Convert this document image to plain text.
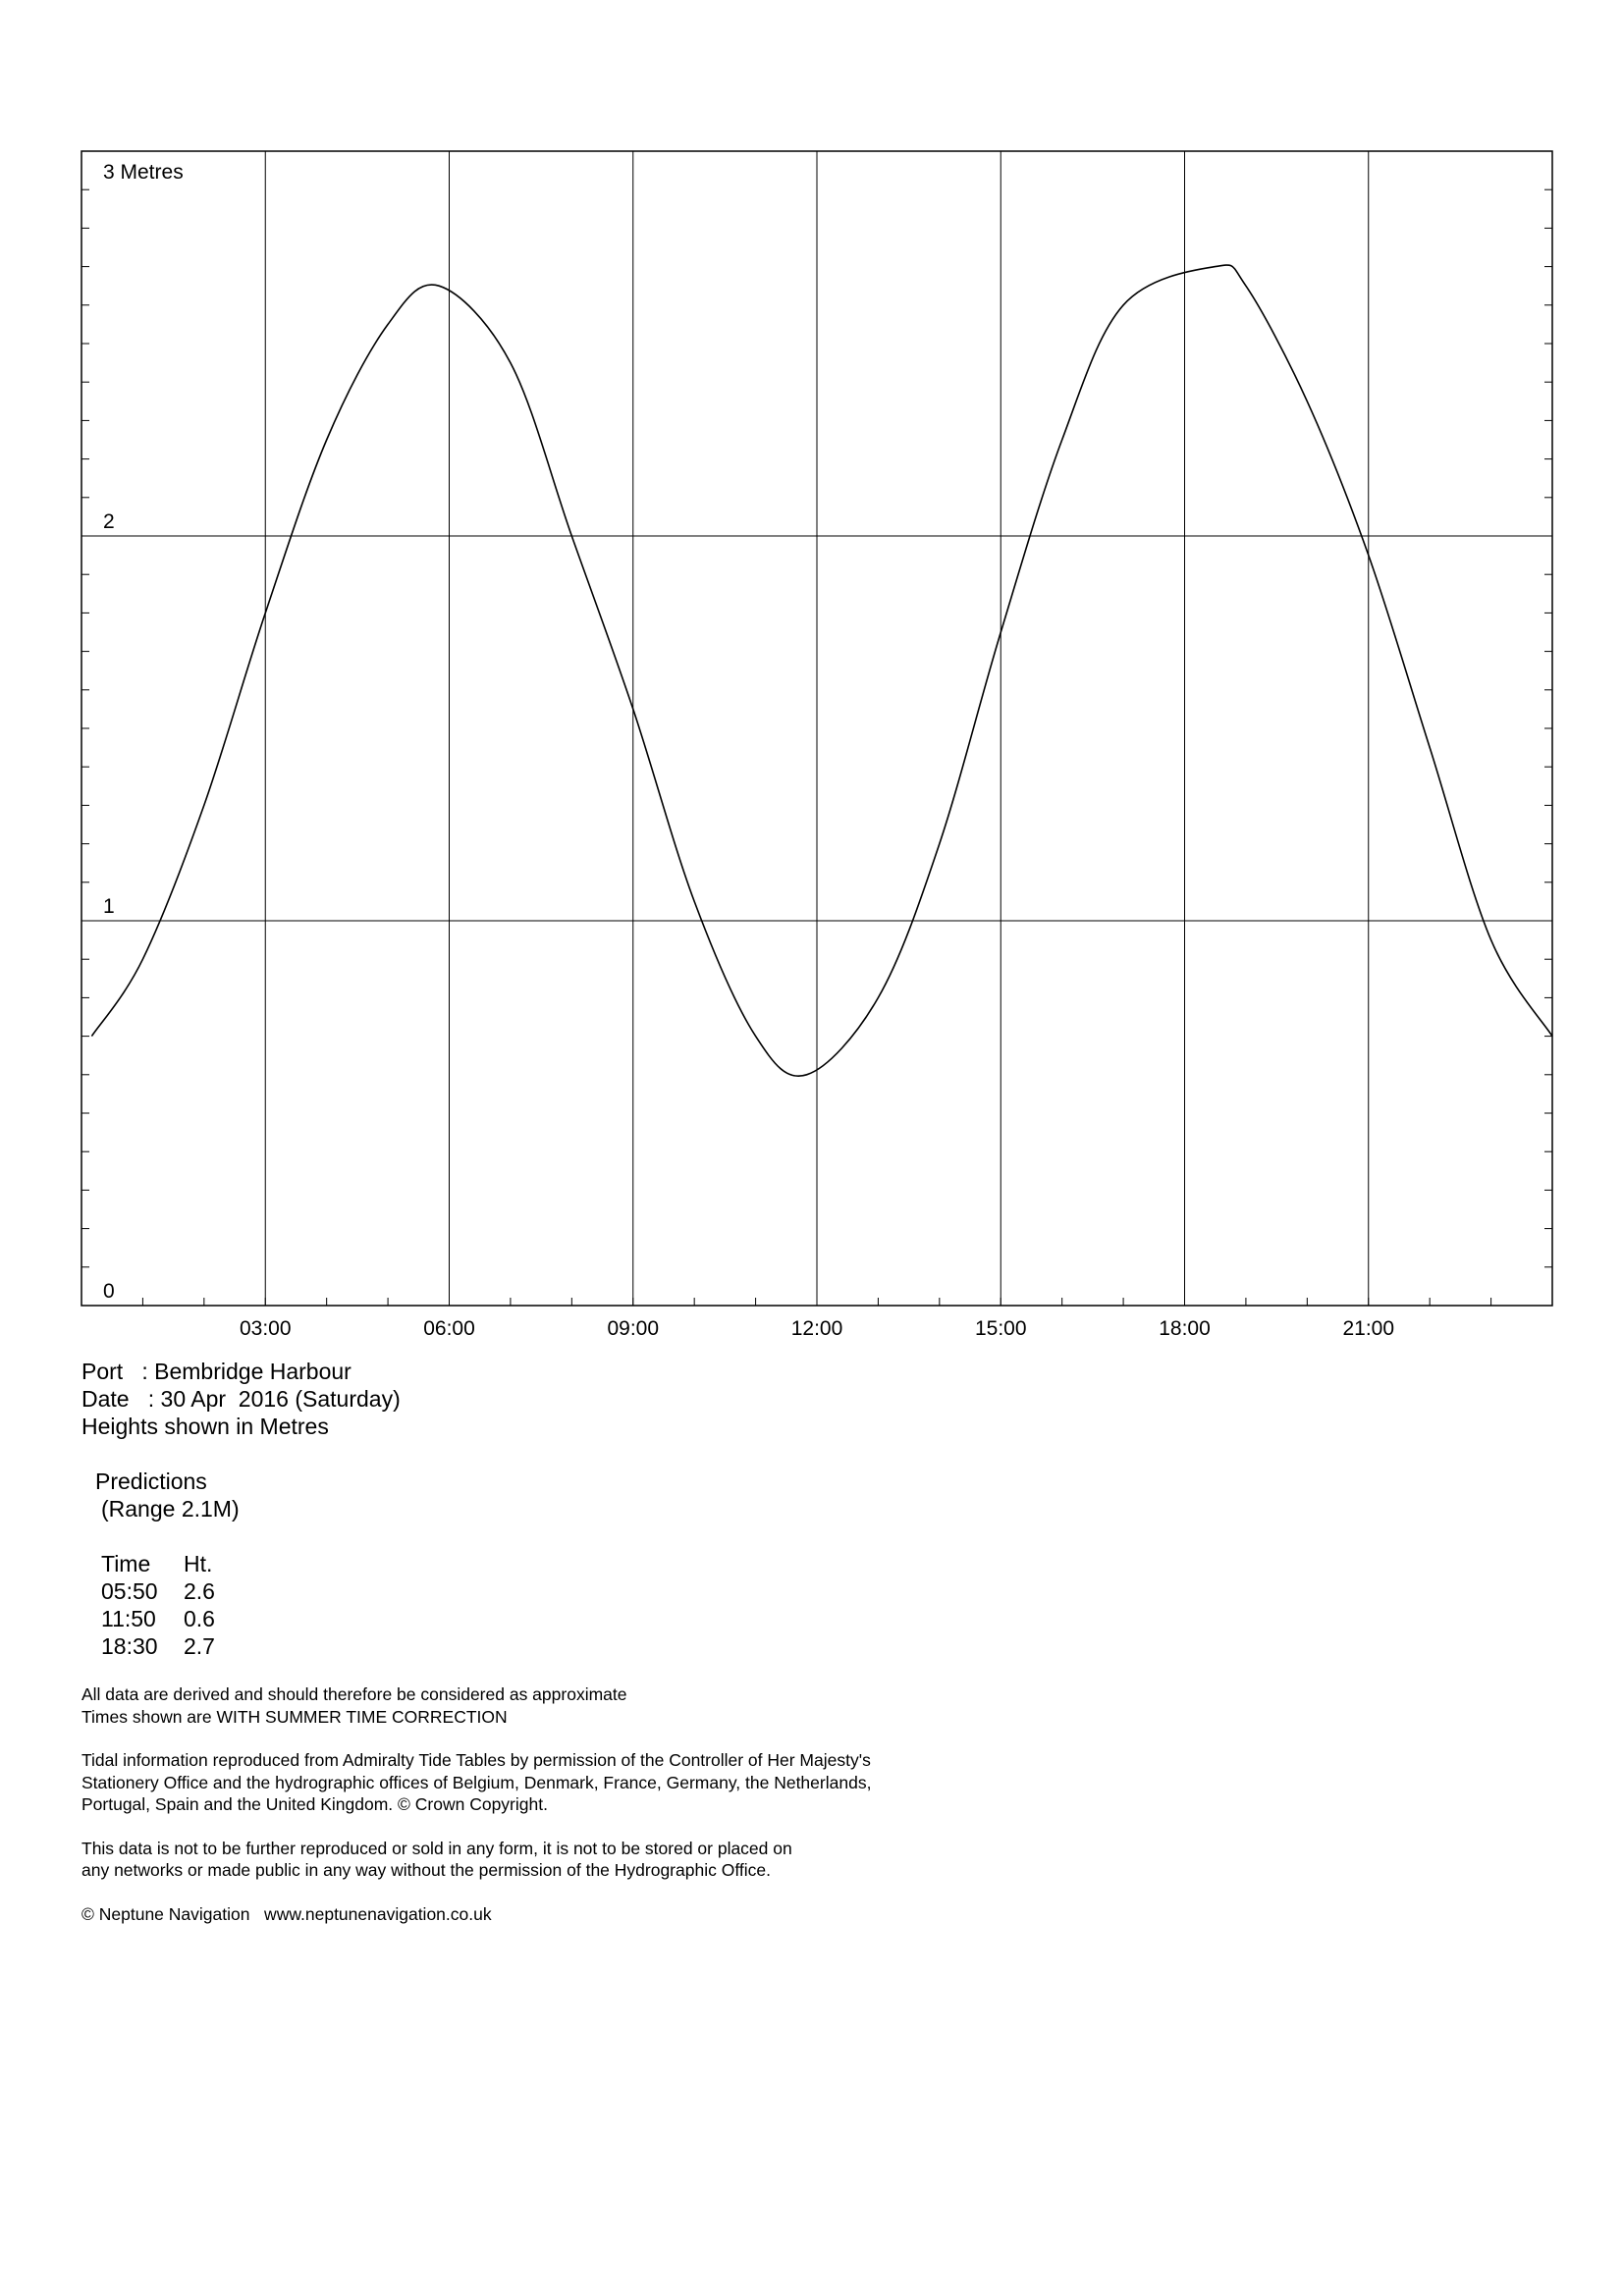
0
1
2
3 Metres
03:00	06:00	09:00	12:00	15:00	18:00	21:00

Port   : Bembridge Harbour

Date   : 30 Apr  2016 (Saturday)

Heights shown in Metres

Predictions

(Range 2.1M)

Time	Ht.
05:50	2.6
11:50	0.6
18:30	2.7

All data are derived and should therefore be considered as approximate
Times shown are WITH SUMMER TIME CORRECTION

Tidal information reproduced from Admiralty Tide Tables by permission of the Controller of Her Majesty's
Stationery Office and the hydrographic offices of Belgium, Denmark, France, Germany, the Netherlands,
Portugal, Spain and the United Kingdom. © Crown Copyright.

This data is not to be further reproduced or sold in any form, it is not to be stored or placed on
any networks or made public in any way without the permission of the Hydrographic Office.

© Neptune Navigation   www.neptunenavigation.co.uk
